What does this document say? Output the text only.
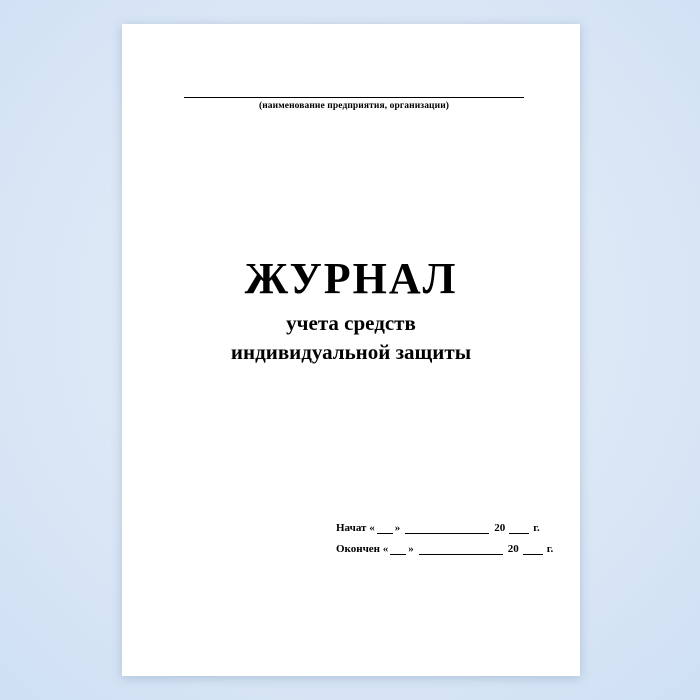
(наименование предприятия, организации)
ЖУРНАЛ
учета средств
индивидуальной защиты
Начат « »	20	г.
Окончен « »	20	г.
